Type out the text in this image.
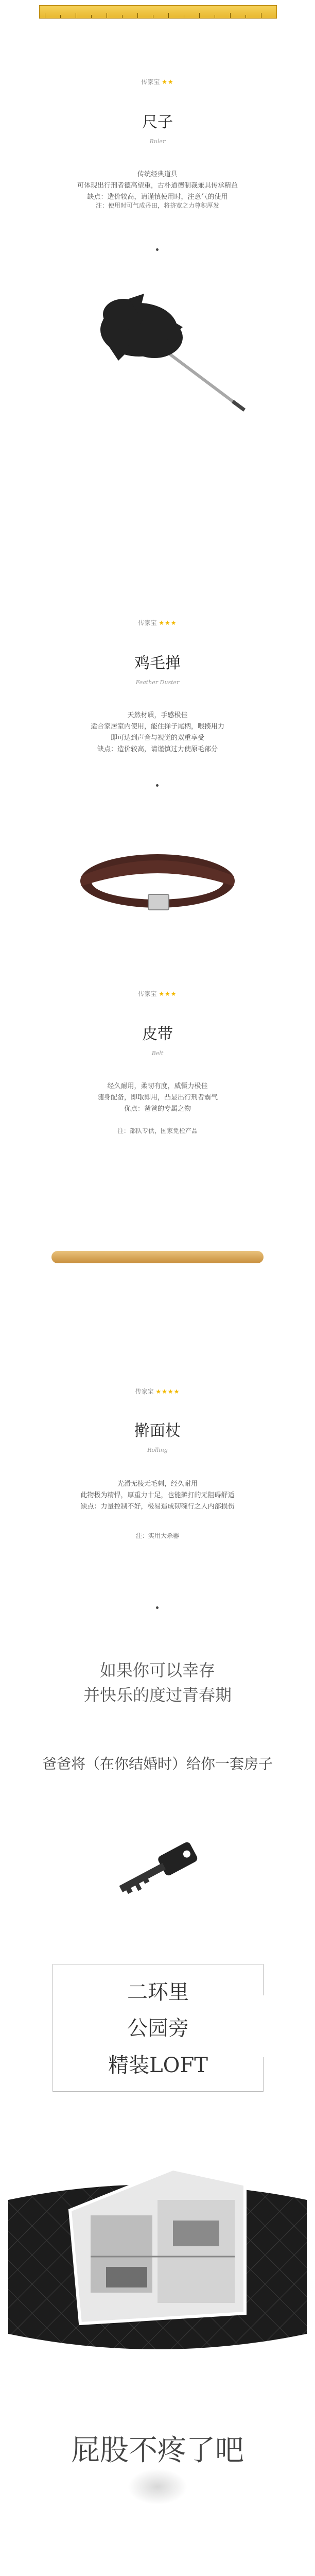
传家宝 ★★
尺子
Ruler
传统经典道具
可体现出行刑者德高望重，古朴道德制裁兼具传承精益
缺点：造价较高，请谨慎使用时，注意气的使用
注：使用时可气成丹田，将挤宽之力尊积厚发
传家宝 ★★★
鸡毛掸
Feather Duster
天然材质，手感极佳
适合家居室内使用，能住掸子尾柄，喂揍用力
即可达到声音与视觉的双重享受
缺点：造价较高，请谨慎过力使原毛部分
传家宝 ★★★
皮带
Belt
经久耐用，柔韧有度，威慑力极佳
随身配备，即取即用，凸显出行刑者霸气
优点：爸爸的专属之物
注：部队专供，国家免检产品
传家宝 ★★★★
擀面杖
Rolling
光滑无棱无毛刺，经久耐用
此物极为精悍，厚重力十足，也能擀打的无阻碍舒适
缺点：力量控制不好，极易造成韧碗行之人内部损伤
注：实用大杀器
如果你可以幸存
并快乐的度过青春期
爸爸将（在你结婚时）给你一套房子
二环里
公园旁
精装LOFT
屁股不疼了吧
